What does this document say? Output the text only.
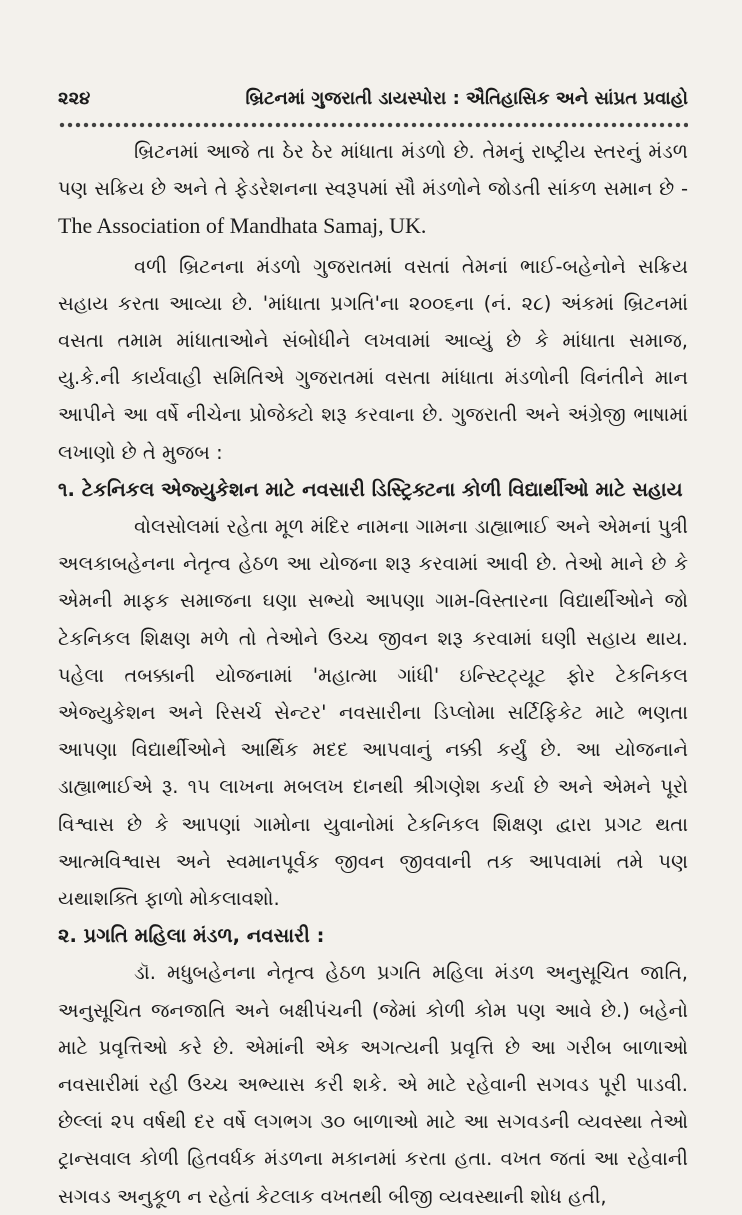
૨૨૪	બ્રિટનમાં ગુજરાતી ડાયસ્પોરા : ઐતિહાસિક અને સાંપ્રત પ્રવાહો

બ્રિટનમાં આજે તા ઠેર ઠેર માંધાતા મંડળો છે. તેમનું રાષ્ટ્રીય સ્તરનું મંડળ પણ સક્રિય છે અને તે ફેડરેશનના સ્વરૂપમાં સૌ મંડળોને જોડતી સાંકળ સમાન છે - The Association of Mandhata Samaj, UK.

વળી બ્રિટનના મંડળો ગુજરાતમાં વસતાં તેમનાં ભાઈ-બહેનોને સક્રિય સહાય કરતા આવ્યા છે. 'માંધાતા પ્રગતિ'ના ૨૦૦૬ના (નં. ૨૮) અંકમાં બ્રિટનમાં વસતા તમામ માંધાતાઓને સંબોધીને લખવામાં આવ્યું છે કે માંધાતા સમાજ, યુ.કે.ની કાર્યવાહી સમિતિએ ગુજરાતમાં વસતા માંધાતા મંડળોની વિનંતીને માન આપીને આ વર્ષે નીચેના પ્રોજેક્ટો શરૂ કરવાના છે. ગુજરાતી અને અંગ્રેજી ભાષામાં લખાણો છે તે મુજબ :

૧. ટેકનિકલ એજ્યુકેશન માટે નવસારી ડિસ્ટ્રિક્ટના કોળી વિદ્યાર્થીઓ માટે સહાય

વોલસોલમાં રહેતા મૂળ મંદિર નામના ગામના ડાહ્યાભાઈ અને એમનાં પુત્રી અલકાબહેનના નેતૃત્વ હેઠળ આ યોજના શરૂ કરવામાં આવી છે. તેઓ માને છે કે એમની માફક સમાજના ઘણા સભ્યો આપણા ગામ-વિસ્તારના વિદ્યાર્થીઓને જો ટેકનિકલ શિક્ષણ મળે તો તેઓને ઉચ્ચ જીવન શરૂ કરવામાં ઘણી સહાય થાય. પહેલા તબક્કાની યોજનામાં 'મહાત્મા ગાંધી' ઇન્સ્ટિટ્યૂટ ફોર ટેકનિકલ એજ્યુકેશન અને રિસર્ચ સેન્ટર' નવસારીના ડિપ્લોમા સર્ટિફિકેટ માટે ભણતા આપણા વિદ્યાર્થીઓને આર્થિક મદદ આપવાનું નક્કી કર્યું છે. આ યોજનાને ડાહ્યાભાઈએ રૂ. ૧૫ લાખના મબલખ દાનથી શ્રીગણેશ કર્યા છે અને એમને પૂરો વિશ્વાસ છે કે આપણાં ગામોના યુવાનોમાં ટેકનિકલ શિક્ષણ દ્વારા પ્રગટ થતા આત્મવિશ્વાસ અને સ્વમાનપૂર્વક જીવન જીવવાની તક આપવામાં તમે પણ યથાશક્તિ ફાળો મોકલાવશો.

૨. પ્રગતિ મહિલા મંડળ, નવસારી :

ડૉ. મધુબહેનના નેતૃત્વ હેઠળ પ્રગતિ મહિલા મંડળ અનુસૂચિત જાતિ, અનુસૂચિત જનજાતિ અને બક્ષીપંચની (જેમાં કોળી કોમ પણ આવે છે.) બહેનો માટે પ્રવૃત્તિઓ કરે છે. એમાંની એક અગત્યની પ્રવૃત્તિ છે આ ગરીબ બાળાઓ નવસારીમાં રહી ઉચ્ચ અભ્યાસ કરી શકે. એ માટે રહેવાની સગવડ પૂરી પાડવી. છેલ્લાં ૨૫ વર્ષથી દર વર્ષે લગભગ ૩૦ બાળાઓ માટે આ સગવડની વ્યવસ્થા તેઓ ટ્રાન્સવાલ કોળી હિતવર્ધક મંડળના મકાનમાં કરતા હતા. વખત જતાં આ રહેવાની સગવડ અનુકૂળ ન રહેતાં કેટલાક વખતથી બીજી વ્યવસ્થાની શોધ હતી,
